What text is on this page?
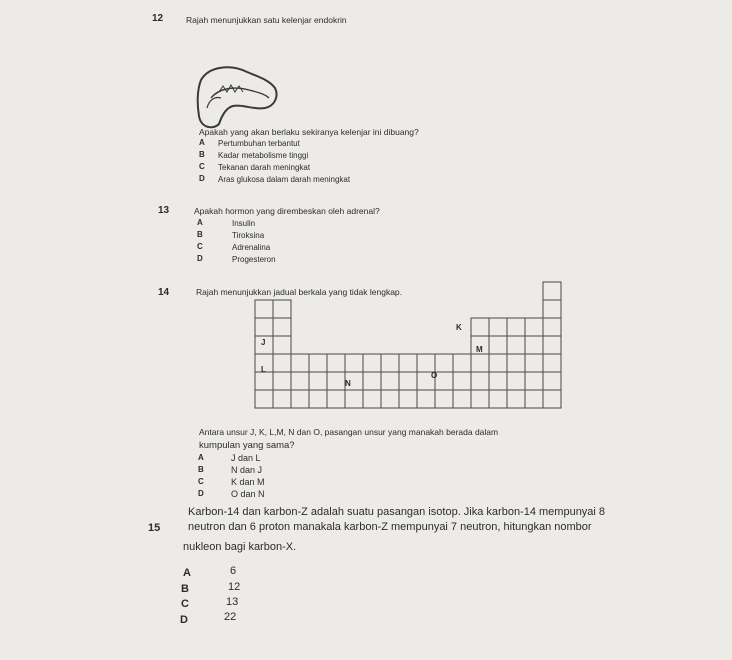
12	Rajah menunjukkan satu kelenjar endokrin
Apakah yang akan berlaku sekiranya kelenjar ini dibuang?
A Pertumbuhan terbantut
B Kadar metabolisme tinggi
C Tekanan darah meningkat
D Aras glukosa dalam darah meningkat
13	Apakah hormon yang dirembeskan oleh adrenal?
A	Insulin
B	Tiroksina
C	Adrenalina
D	Progesteron
14	Rajah menunjukkan jadual berkala yang tidak lengkap.
J
L
K
M
N
O
Antara unsur J, K, L,M, N dan O, pasangan unsur yang manakah berada dalam
kumpulan yang sama?
A	J dan L
B	N dan J
C	K dan M
D	O dan N
15
Karbon-14 dan karbon-Z adalah suatu pasangan isotop. Jika karbon-14 mempunyai 8
neutron dan 6 proton manakala karbon-Z mempunyai 7 neutron, hitungkan nombor
nukleon bagi karbon-X.
A	6
B	12
C	13
D	22
